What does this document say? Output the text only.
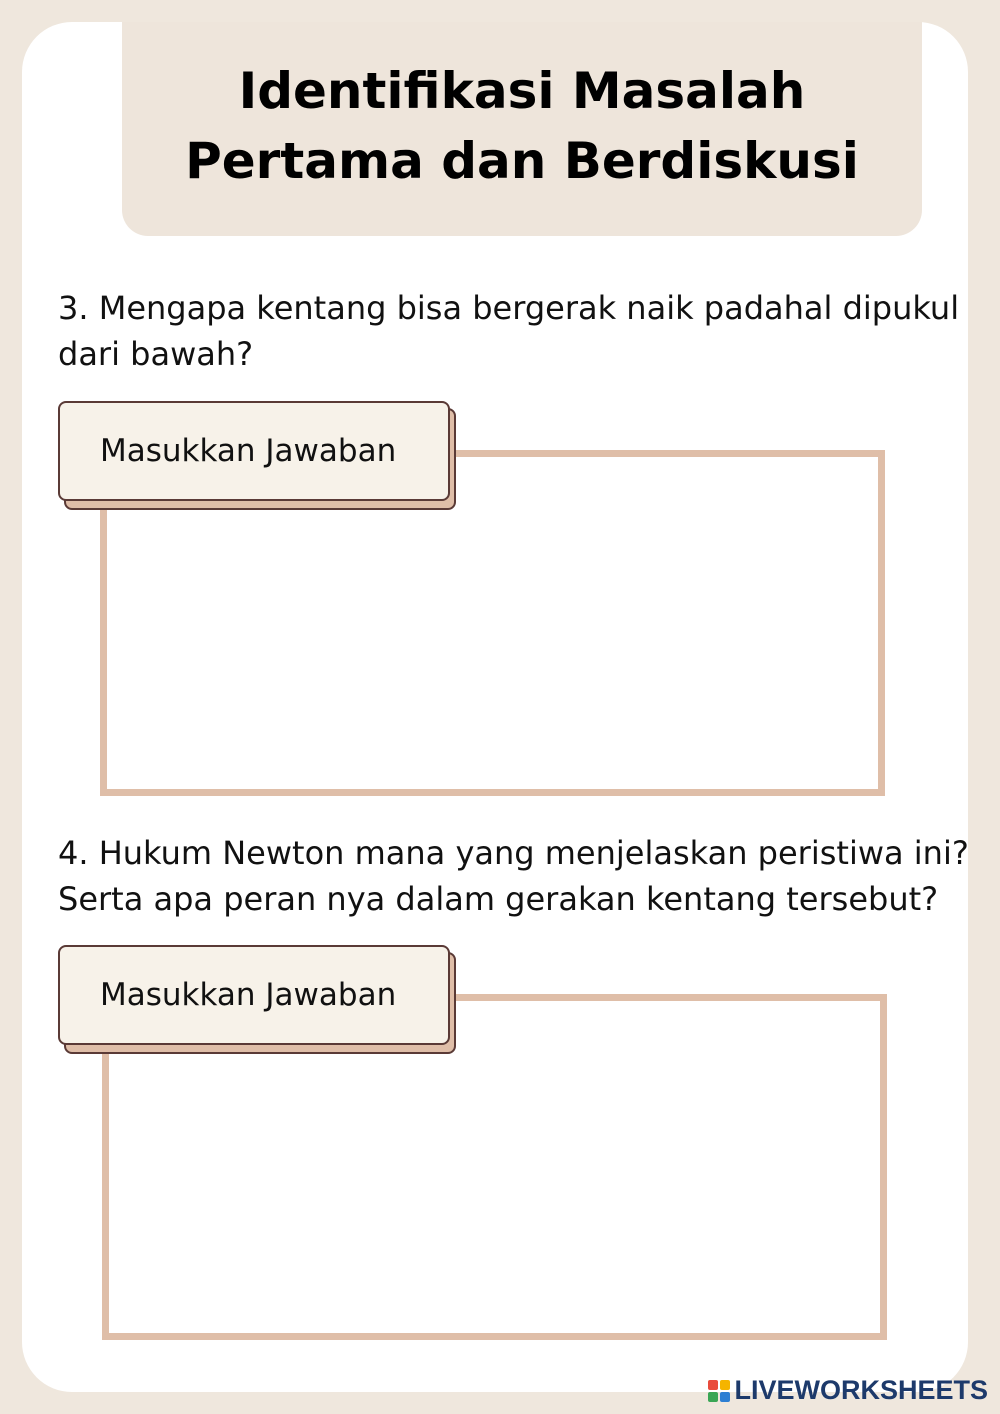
Identifikasi Masalah
Pertama dan Berdiskusi

3. Mengapa kentang bisa bergerak naik padahal dipukul

dari bawah?

Masukkan Jawaban

4. Hukum Newton mana yang menjelaskan peristiwa ini?

Serta apa peran nya dalam gerakan kentang tersebut?

Masukkan Jawaban
LIVEWORKSHEETS
